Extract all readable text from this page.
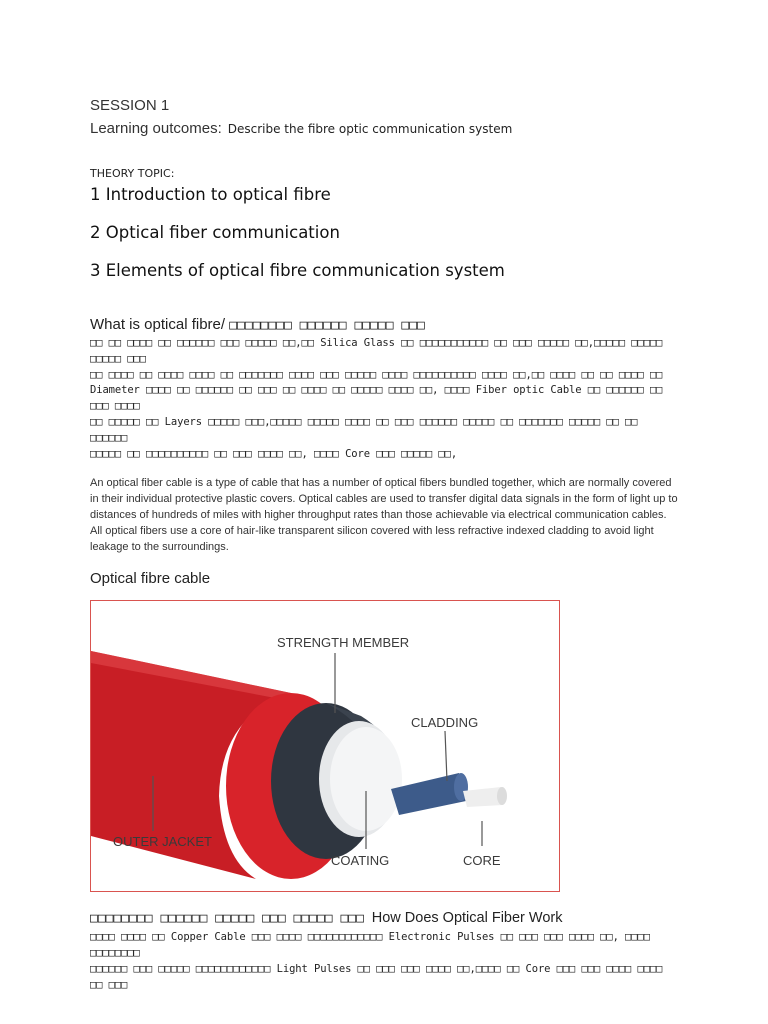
SESSION 1
Learning outcomes: Describe the fibre optic communication system
THEORY TOPIC:
1 Introduction to optical fibre
2 Optical fiber communication
3 Elements of optical fibre communication system
What is optical fibre/ □□□□□□□□ □□□□□□ □□□□□ □□□
□□ □□ □□□□ □□ □□□□□□ □□□ □□□□□ □□,□□ Silica Glass □□ □□□□□□□□□□□ □□ □□□ □□□□□ □□,□□□□□ □□□□□ □□□□□ □□□
□□ □□□□ □□ □□□□ □□□□ □□ □□□□□□□ □□□□ □□□ □□□□□ □□□□ □□□□□□□□□□ □□□□ □□,□□ □□□□ □□ □□ □□□□ □□
Diameter □□□□ □□ □□□□□□ □□ □□□ □□ □□□□ □□ □□□□□ □□□□ □□, □□□□ Fiber optic Cable □□ □□□□□□ □□ □□□ □□□□
□□ □□□□□ □□ Layers □□□□□ □□□,□□□□□ □□□□□ □□□□ □□ □□□ □□□□□□ □□□□□ □□ □□□□□□□ □□□□□ □□ □□ □□□□□□
□□□□□ □□ □□□□□□□□□□ □□ □□□ □□□□ □□, □□□□ Core □□□ □□□□□ □□,
An optical fiber cable is a type of cable that has a number of optical fibers bundled together, which are normally covered in their individual protective plastic covers. Optical cables are used to transfer digital data signals in the form of light up to distances of hundreds of miles with higher throughput rates than those achievable via electrical communication cables. All optical fibers use a core of hair-like transparent silicon covered with less refractive indexed cladding to avoid light leakage to the surroundings.
Optical fibre cable
STRENGTH MEMBER
CLADDING
OUTER JACKET
COATING	CORE
□□□□□□□□ □□□□□□ □□□□□ □□□ □□□□□ □□□ How Does Optical Fiber Work
□□□□ □□□□ □□ Copper Cable □□□ □□□□ □□□□□□□□□□□□ Electronic Pulses □□ □□□ □□□ □□□□ □□, □□□□ □□□□□□□□
□□□□□□ □□□ □□□□□ □□□□□□□□□□□□ Light Pulses □□ □□□ □□□ □□□□ □□,□□□□ □□ Core □□□ □□□ □□□□ □□□□ □□ □□□
